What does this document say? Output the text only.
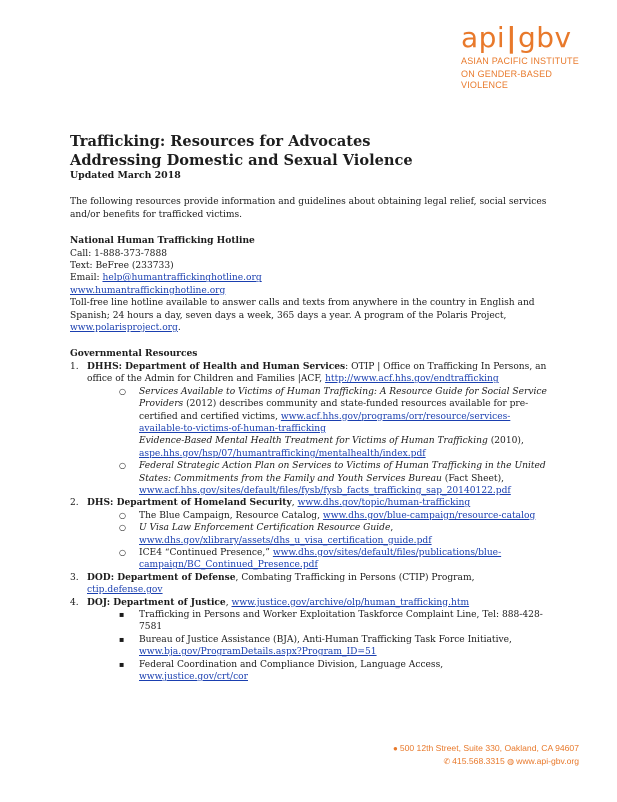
api|gbv
ASIAN PACIFIC INSTITUTE
ON GENDER-BASED VIOLENCE
Trafficking: Resources for Advocates
Addressing Domestic and Sexual Violence
Updated March 2018
The following resources provide information and guidelines about obtaining legal relief, social services and/or benefits for trafficked victims.
National Human Trafficking Hotline
Call: 1-888-373-7888
Text: BeFree (233733)
Email: help@humantraffickinghotline.org
www.humantraffickinghotline.org
Toll-free line hotline available to answer calls and texts from anywhere in the country in English and Spanish; 24 hours a day, seven days a week, 365 days a year. A program of the Polaris Project, www.polarisproject.org.
Governmental Resources
1. DHHS: Department of Health and Human Services: OTIP | Office on Trafficking In Persons, an office of the Admin for Children and Families |ACF, http://www.acf.hhs.gov/endtrafficking
○ Services Available to Victims of Human Trafficking: A Resource Guide for Social Service Providers (2012) describes community and state-funded resources available for pre-certified and certified victims, www.acf.hhs.gov/programs/orr/resource/services-available-to-victims-of-human-trafficking
Evidence-Based Mental Health Treatment for Victims of Human Trafficking (2010), aspe.hhs.gov/hsp/07/humantrafficking/mentalhealth/index.pdf
○ Federal Strategic Action Plan on Services to Victims of Human Trafficking in the United States: Commitments from the Family and Youth Services Bureau (Fact Sheet), www.acf.hhs.gov/sites/default/files/fysb/fysb_facts_trafficking_sap_20140122.pdf
2. DHS: Department of Homeland Security, www.dhs.gov/topic/human-trafficking
○ The Blue Campaign, Resource Catalog, www.dhs.gov/blue-campaign/resource-catalog
○ U Visa Law Enforcement Certification Resource Guide, www.dhs.gov/xlibrary/assets/dhs_u_visa_certification_guide.pdf
○ ICE4 “Continued Presence,” www.dhs.gov/sites/default/files/publications/blue-campaign/BC_Continued_Presence.pdf
3. DOD: Department of Defense, Combating Trafficking in Persons (CTIP) Program, ctip.defense.gov
4. DOJ: Department of Justice, www.justice.gov/archive/olp/human_trafficking.htm
▪ Trafficking in Persons and Worker Exploitation Taskforce Complaint Line, Tel: 888-428-7581
▪ Bureau of Justice Assistance (BJA), Anti-Human Trafficking Task Force Initiative, www.bja.gov/ProgramDetails.aspx?Program_ID=51
▪ Federal Coordination and Compliance Division, Language Access, www.justice.gov/crt/cor
● 500 12th Street, Suite 330, Oakland, CA 94607
✆ 415.568.3315 ◍ www.api-gbv.org
